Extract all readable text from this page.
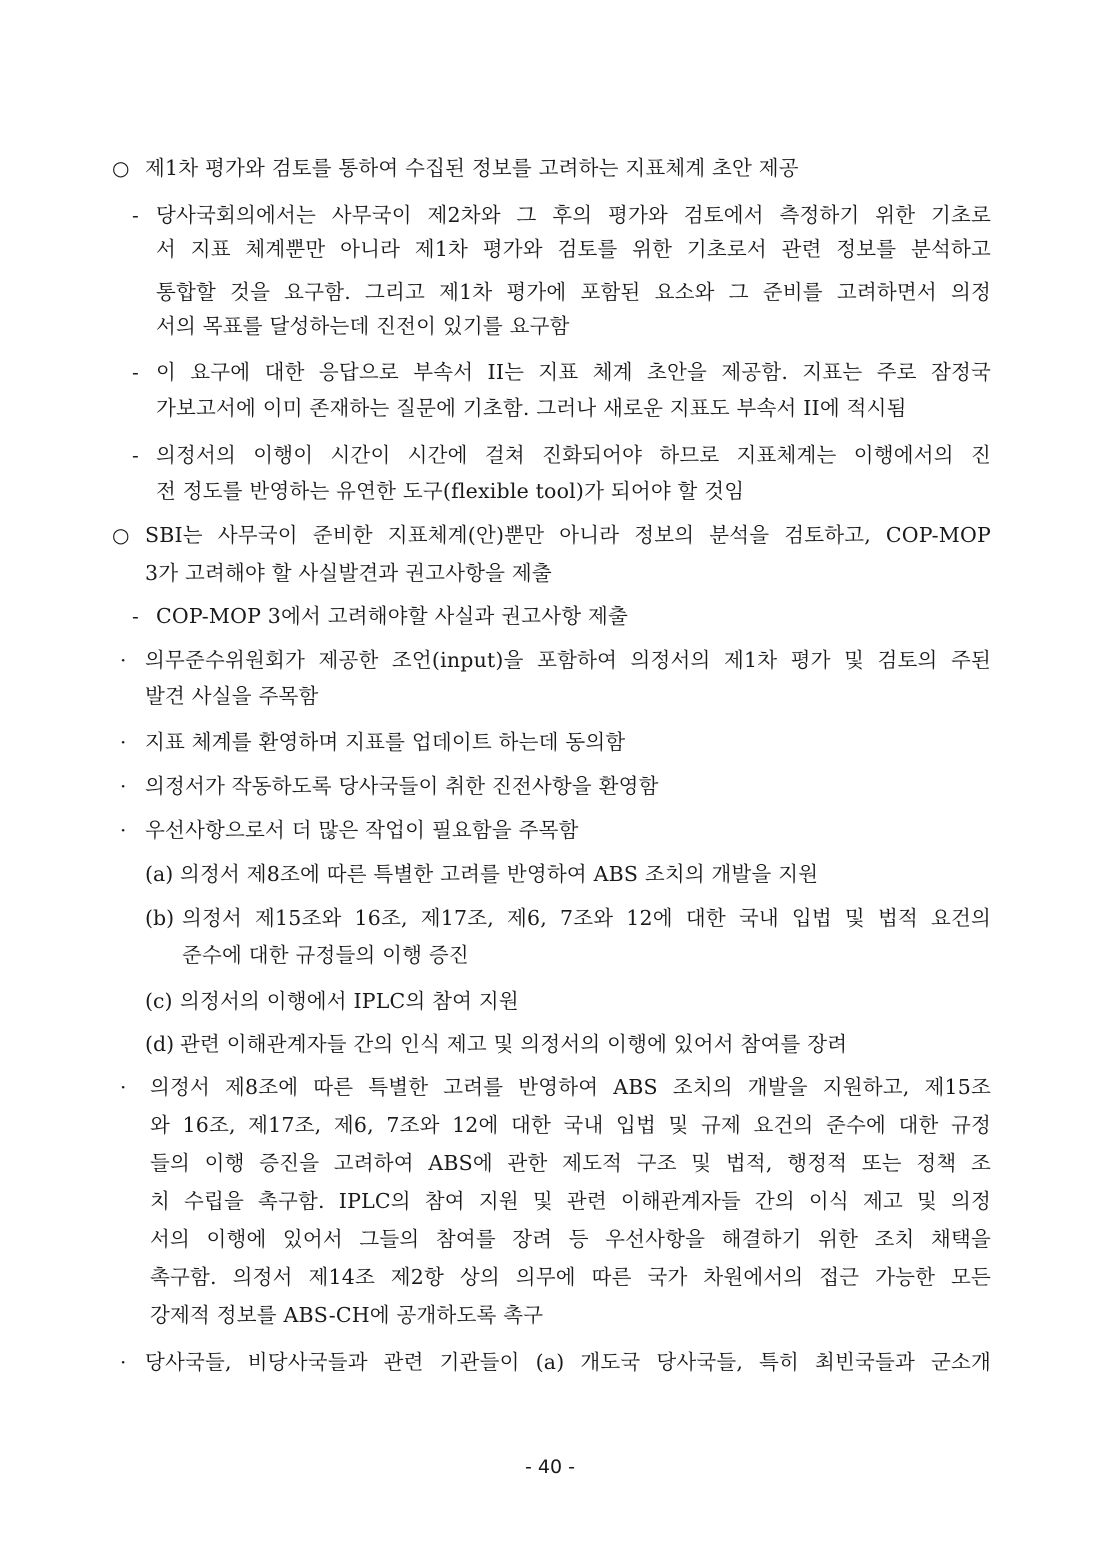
○ 제1차 평가와 검토를 통하여 수집된 정보를 고려하는 지표체계 초안 제공
- 당사국회의에서는 사무국이 제2차와 그 후의 평가와 검토에서 측정하기 위한 기초로
서 지표 체계뿐만 아니라 제1차 평가와 검토를 위한 기초로서 관련 정보를 분석하고
통합할 것을 요구함. 그리고 제1차 평가에 포함된 요소와 그 준비를 고려하면서 의정
서의 목표를 달성하는데 진전이 있기를 요구함
- 이 요구에 대한 응답으로 부속서 II는 지표 체계 초안을 제공함. 지표는 주로 잠정국
가보고서에 이미 존재하는 질문에 기초함. 그러나 새로운 지표도 부속서 II에 적시됨
- 의정서의 이행이 시간이 시간에 걸쳐 진화되어야 하므로 지표체계는 이행에서의 진
전 정도를 반영하는 유연한 도구(flexible tool)가 되어야 할 것임
○ SBI는 사무국이 준비한 지표체계(안)뿐만 아니라 정보의 분석을 검토하고, COP-MOP
3가 고려해야 할 사실발견과 권고사항을 제출
- COP-MOP 3에서 고려해야할 사실과 권고사항 제출
· 의무준수위원회가 제공한 조언(input)을 포함하여 의정서의 제1차 평가 및 검토의 주된
발견 사실을 주목함
· 지표 체계를 환영하며 지표를 업데이트 하는데 동의함
· 의정서가 작동하도록 당사국들이 취한 진전사항을 환영함
· 우선사항으로서 더 많은 작업이 필요함을 주목함
(a) 의정서 제8조에 따른 특별한 고려를 반영하여 ABS 조치의 개발을 지원
(b) 의정서 제15조와 16조, 제17조, 제6, 7조와 12에 대한 국내 입법 및 법적 요건의
준수에 대한 규정들의 이행 증진
(c) 의정서의 이행에서 IPLC의 참여 지원
(d) 관련 이해관계자들 간의 인식 제고 및 의정서의 이행에 있어서 참여를 장려
· 의정서 제8조에 따른 특별한 고려를 반영하여 ABS 조치의 개발을 지원하고, 제15조
와 16조, 제17조, 제6, 7조와 12에 대한 국내 입법 및 규제 요건의 준수에 대한 규정
들의 이행 증진을 고려하여 ABS에 관한 제도적 구조 및 법적, 행정적 또는 정책 조
치 수립을 촉구함. IPLC의 참여 지원 및 관련 이해관계자들 간의 이식 제고 및 의정
서의 이행에 있어서 그들의 참여를 장려 등 우선사항을 해결하기 위한 조치 채택을
촉구함. 의정서 제14조 제2항 상의 의무에 따른 국가 차원에서의 접근 가능한 모든
강제적 정보를 ABS-CH에 공개하도록 촉구
· 당사국들, 비당사국들과 관련 기관들이 (a) 개도국 당사국들, 특히 최빈국들과 군소개
- 40 -
